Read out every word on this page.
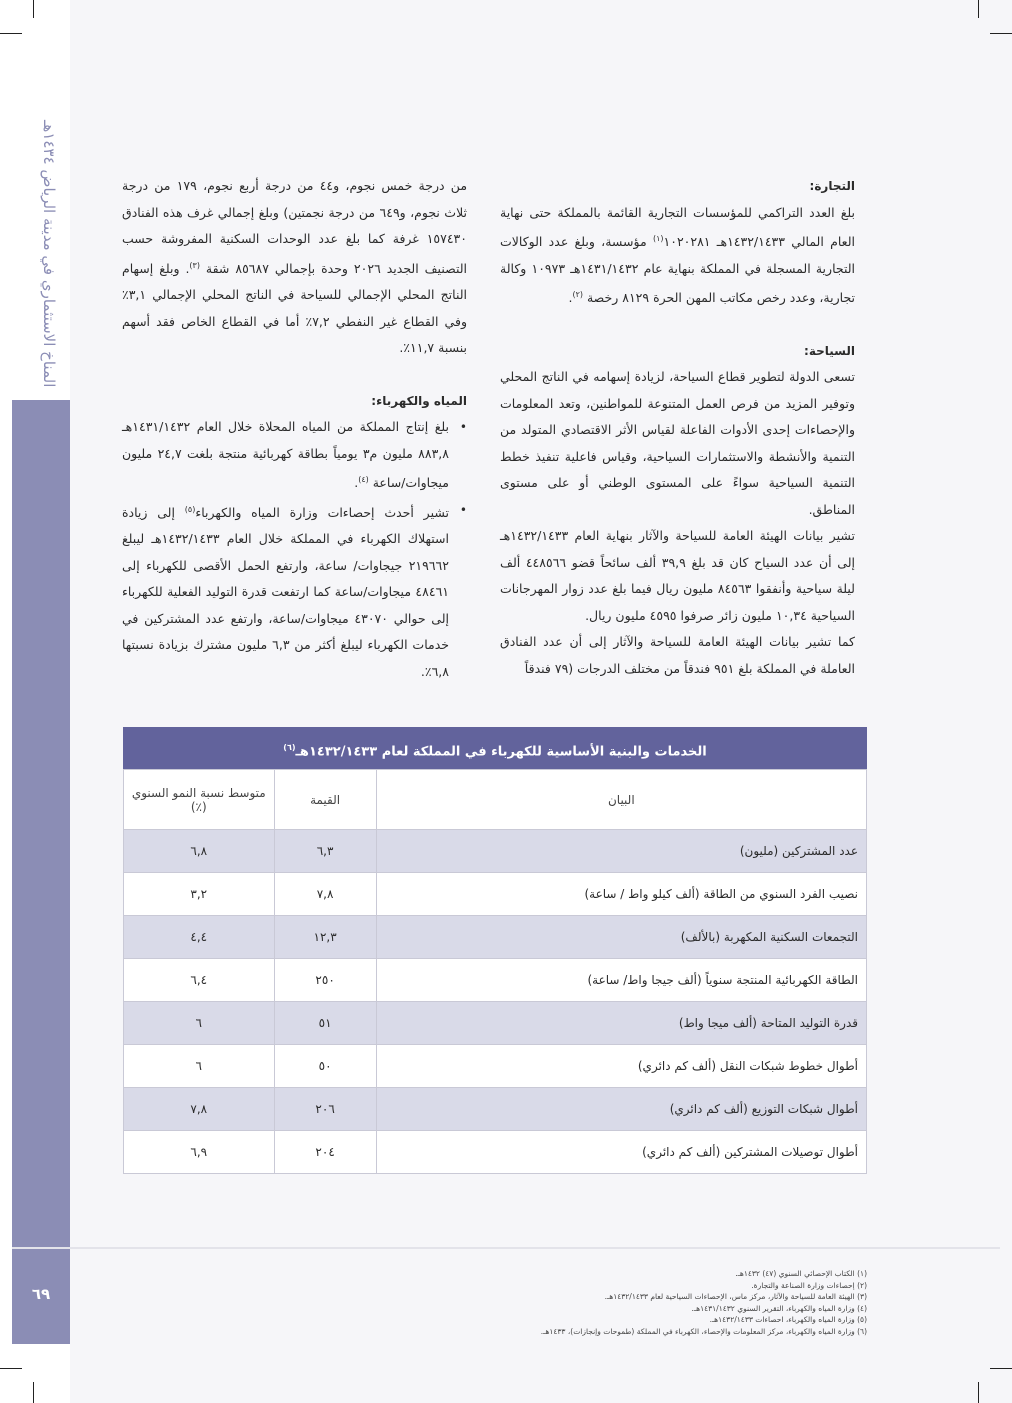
المناخ الاستثماري في مدينة الرياض ١٤٣٤هـ
٦٩

التجارة:

بلغ العدد التراكمي للمؤسسات التجارية القائمة بالمملكة حتى نهاية العام المالي ١٤٣٢/١٤٣٣هـ ١٠٢٠٢٨١$^{(١)}$ مؤسسة، وبلغ عدد الوكالات التجارية المسجلة في المملكة بنهاية عام ١٤٣١/١٤٣٢هـ ١٠٩٧٣ وكالة تجارية، وعدد رخص مكاتب المهن الحرة ٨١٢٩ رخصة $^{(٢)}$.

السياحة:

تسعى الدولة لتطوير قطاع السياحة، لزيادة إسهامه في الناتج المحلي وتوفير المزيد من فرص العمل المتنوعة للمواطنين، وتعد المعلومات والإحصاءات إحدى الأدوات الفاعلة لقياس الأثر الاقتصادي المتولد من التنمية والأنشطة والاستثمارات السياحية، وقياس فاعلية تنفيذ خطط التنمية السياحية سواءً على المستوى الوطني أو على مستوى المناطق.

تشير بيانات الهيئة العامة للسياحة والآثار بنهاية العام ١٤٣٢/١٤٣٣هـ إلى أن عدد السياح كان قد بلغ ٣٩,٩ ألف سائحاً قضو ٤٤٨٥٦٦ ألف ليلة سياحية وأنفقوا ٨٤٥٦٣ مليون ريال فيما بلغ عدد زوار المهرجانات السياحية ١٠,٣٤ مليون زائر صرفوا ٤٥٩٥ مليون ريال.

كما تشير بيانات الهيئة العامة للسياحة والآثار إلى أن عدد الفنادق العاملة في المملكة بلغ ٩٥١ فندقاً من مختلف الدرجات (٧٩ فندقاً

من درجة خمس نجوم، و٤٤ من درجة أربع نجوم، ١٧٩ من درجة ثلاث نجوم، و٦٤٩ من درجة نجمتين) وبلغ إجمالي غرف هذه الفنادق ١٥٧٤٣٠ غرفة كما بلغ عدد الوحدات السكنية المفروشة حسب التصنيف الجديد ٢٠٢٦ وحدة بإجمالي ٨٥٦٨٧ شقة $^{(٣)}$. وبلغ إسهام الناتج المحلي الإجمالي للسياحة في الناتج المحلي الإجمالي ٣,١٪ وفي القطاع غير النفطي ٧,٢٪ أما في القطاع الخاص فقد أسهم بنسبة ١١,٧٪.

المياه والكهرباء:

•
بلغ إنتاج المملكة من المياه المحلاة خلال العام ١٤٣١/١٤٣٢هـ ٨٨٣,٨ مليون م٣ يومياً بطاقة كهربائية منتجة بلغت ٢٤,٧ مليون ميجاوات/ساعة $^{(٤)}$.
•
تشير أحدث إحصاءات وزارة المياه والكهرباء$^{(٥)}$ إلى زيادة استهلاك الكهرباء في المملكة خلال العام ١٤٣٢/١٤٣٣هـ ليبلغ ٢١٩٦٦٢ جيجاوات/ ساعة، وارتفع الحمل الأقصى للكهرباء إلى ٤٨٤٦١ ميجاوات/ساعة كما ارتفعت قدرة التوليد الفعلية للكهرباء إلى حوالي ٤٣٠٧٠ ميجاوات/ساعة، وارتفع عدد المشتركين في خدمات الكهرباء ليبلغ أكثر من ٦,٣ مليون مشترك بزيادة نسبتها ٦,٨٪.
الخدمات والبنية الأساسية للكهرباء في المملكة لعام ١٤٣٢/١٤٣٣هـ$^{(٦)}$
البيان	القيمة	متوسط نسبة النمو السنوي (٪)
عدد المشتركين (مليون)	٦,٣	٦,٨
نصيب الفرد السنوي من الطاقة (ألف كيلو واط / ساعة)	٧,٨	٣,٢
التجمعات السكنية المكهربة (بالألف)	١٢,٣	٤,٤
الطاقة الكهربائية المنتجة سنوياً (ألف جيجا واط/ ساعة)	٢٥٠	٦,٤
قدرة التوليد المتاحة (ألف ميجا واط)	٥١	٦
أطوال خطوط شبكات النقل (ألف كم دائري)	٥٠	٦
أطوال شبكات التوزيع (ألف كم دائري)	٢٠٦	٧,٨
أطوال توصيلات المشتركين (ألف كم دائري)	٢٠٤	٦,٩
(١) الكتاب الإحصائي السنوي (٤٧) ١٤٣٢هـ.
(٢) إحصاءات وزارة الصناعة والتجارة.
(٣) الهيئة العامة للسياحة والآثار، مركز ماس، الإحصاءات السياحية لعام ١٤٣٢/١٤٣٣هـ.
(٤) وزارة المياه والكهرباء، التقرير السنوي ١٤٣١/١٤٣٢هـ.
(٥) وزارة المياه والكهرباء، احصاءات ١٤٣٢/١٤٣٣هـ.
(٦) وزارة المياه والكهرباء، مركز المعلومات والإحصاء، الكهرباء في المملكة (طموحات وإنجازات)، ١٤٣٣هـ.
